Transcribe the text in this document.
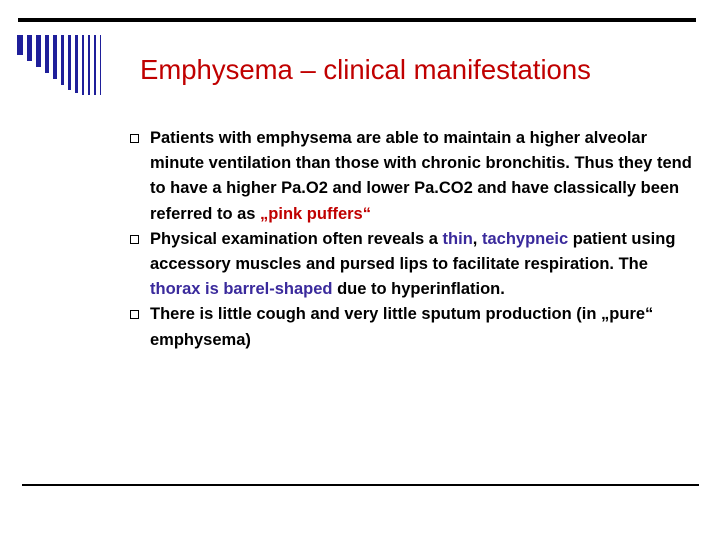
Emphysema – clinical manifestations
Patients with emphysema are able to maintain a higher alveolar minute ventilation than those with chronic bronchitis. Thus they tend to have a higher Pa.O2 and lower Pa.CO2 and have classically been referred to as „pink puffers“
Physical examination often reveals a thin, tachypneic patient using accessory muscles and pursed lips to facilitate respiration. The thorax is barrel-shaped due to hyperinflation.
There is little cough and very little sputum production (in „pure“ emphysema)
